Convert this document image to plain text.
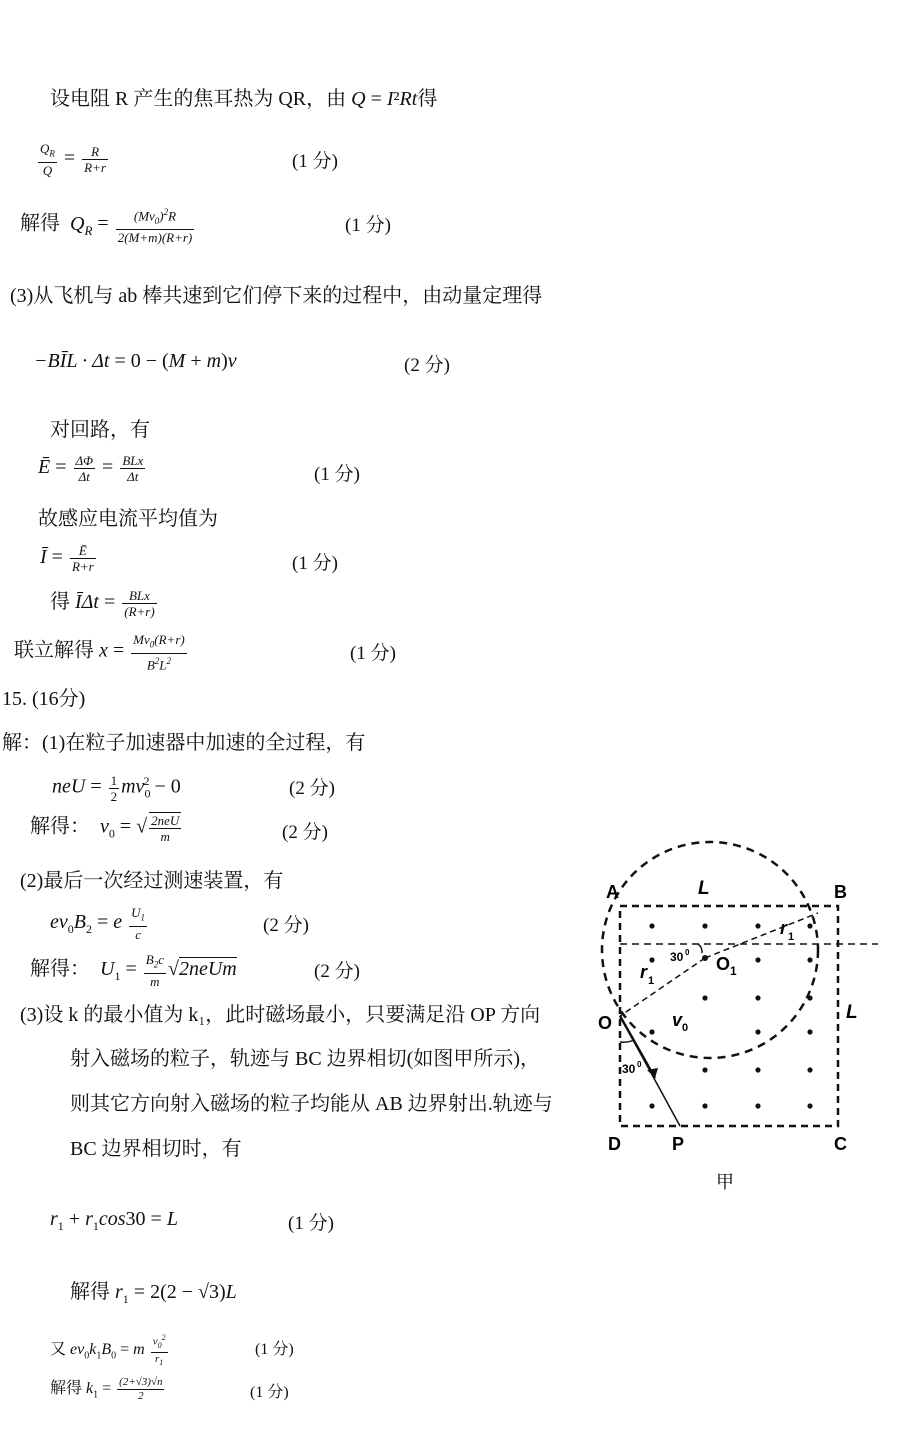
设电阻 R 产生的焦耳热为 QR，由 Q = I²Rt得
$\frac{Q_R}{Q} = \frac{R}{R+r}$	(1 分)
解得  $Q_R = \frac{(Mv_0)^2R}{2(M+m)(R+r)}$	(1 分)
(3)从飞机与 ab 棒共速到它们停下来的过程中，由动量定理得
−BĪL · Δt = 0 − (M + m)v	(2 分)
对回路，有
Ē = $\frac{\Delta\Phi}{\Delta t} = \frac{\text{BLx}}{\Delta t}$	(1 分)
故感应电流平均值为
Ī = $\frac{Ē}{R+r}$	(1 分)
得 ĪΔt = $\frac{\text{BLx}}{(R+r)}$
联立解得 $x = \frac{Mv_0(R+r)}{B^2L^2}$	(1 分)
15. (16分)
解：(1)在粒子加速器中加速的全过程，有
neU = $\frac{1}{2} mv_0^2 - 0$	(2 分)
解得：  $v_0$ = √ $\frac{\text{2neU}}{m}$	(2 分)
(2)最后一次经过测速装置，有
$ev_0B_2 = e \frac{U_1}{c}$	(2 分)
解得：  $U_1 = \frac{B_2c}{m}$ √2neUm	(2 分)
(3)设 k 的最小值为 k₁，此时磁场最小，只要满足沿 OP 方向
射入磁场的粒子，轨迹与 BC 边界相切(如图甲所示)，
则其它方向射入磁场的粒子均能从 AB 边界射出.轨迹与
BC 边界相切时，有
$r_1 + r_1\cos 30 = L$	(1 分)
解得 $r_1 = 2(2 - √3)L$
又 $ev_0k_1B_0 = m \frac{v_0^2}{r_1}$	(1 分)
解得 $k_1 = \frac{(2+√3)√n}{2}$	(1 分)
A	B
C
D	P
O
O 1
L
L
r 1
r 1
v 0
30 0
30 0
甲
